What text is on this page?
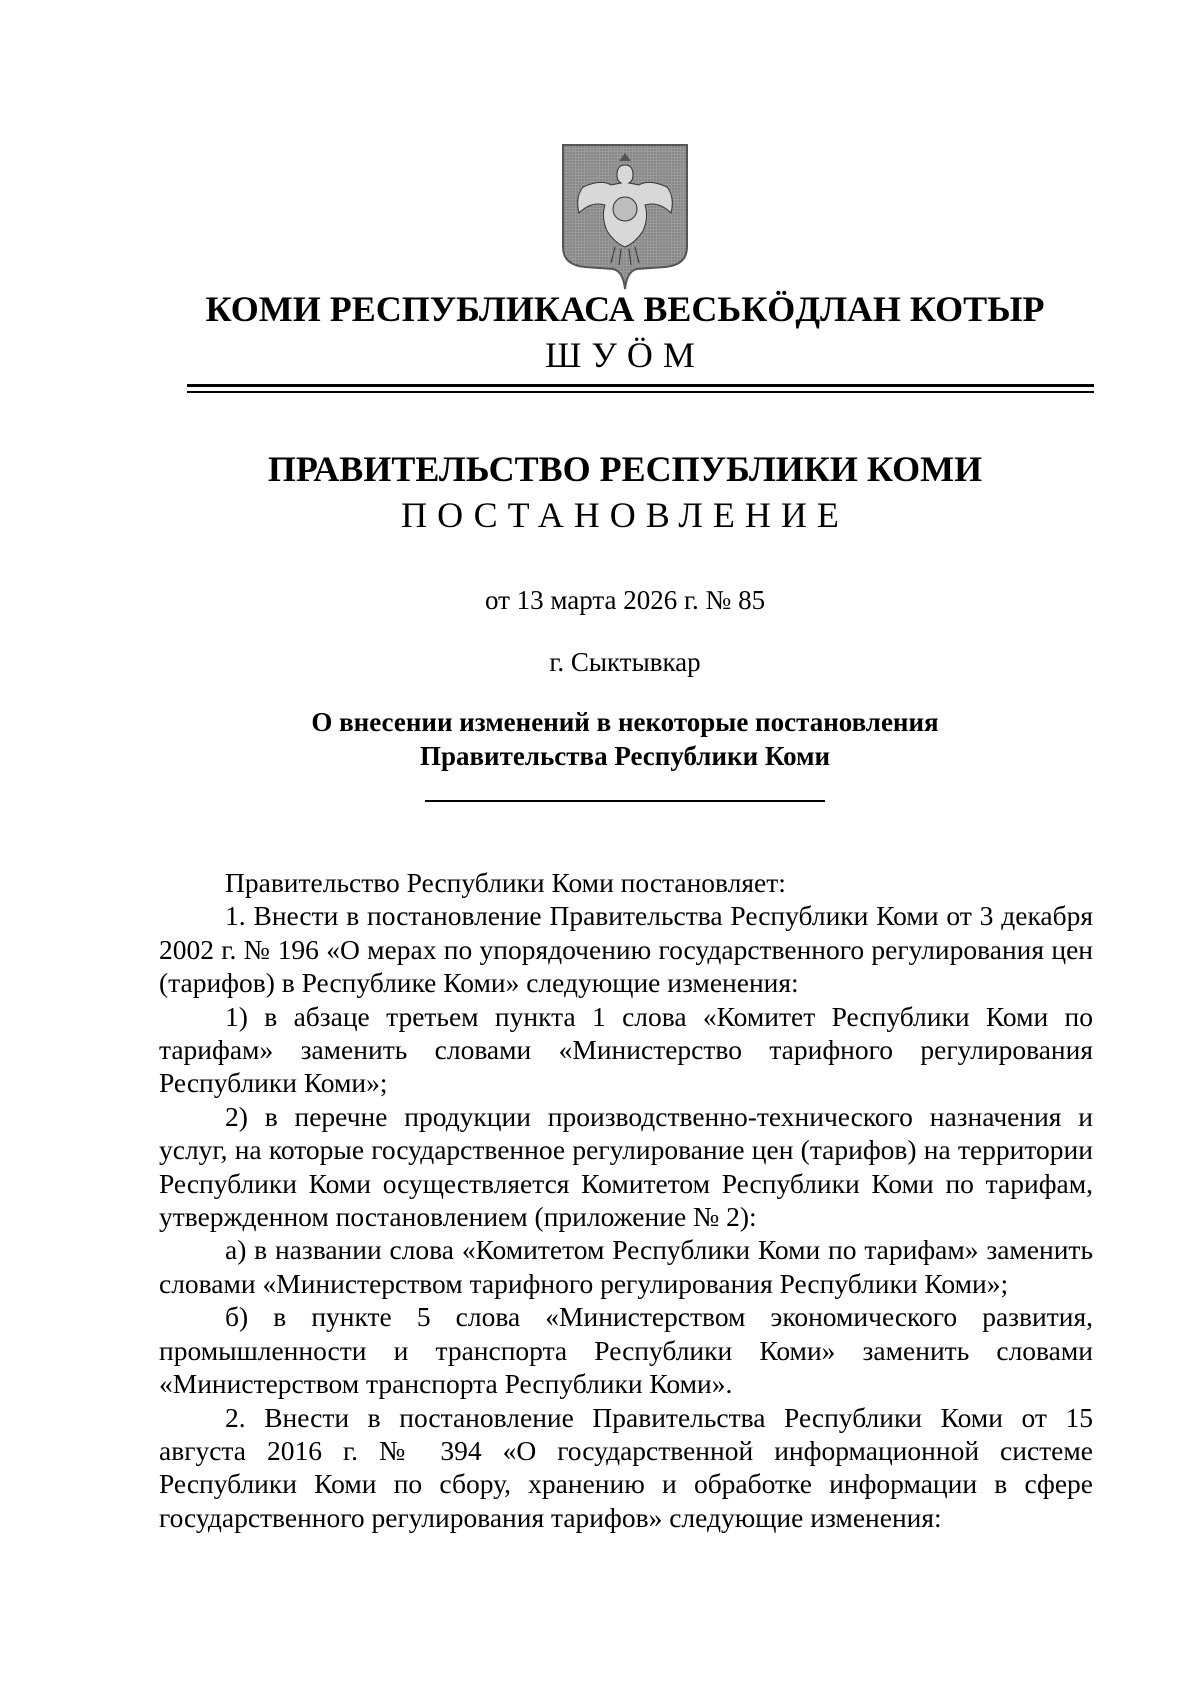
КОМИ РЕСПУБЛИКАСА ВЕСЬКӦДЛАН КОТЫР
ШУӦМ
ПРАВИТЕЛЬСТВО РЕСПУБЛИКИ КОМИ
ПОСТАНОВЛЕНИЕ
от 13 марта 2026 г. № 85
г. Сыктывкар
О внесении изменений в некоторые постановления
Правительства Республики Коми

Правительство Республики Коми постановляет:

1. Внести в постановление Правительства Республики Коми от 3 декабря 2002 г. № 196 «О мерах по упорядочению государственного регулирования цен (тарифов) в Республике Коми» следующие изменения:

1) в абзаце третьем пункта 1 слова «Комитет Республики Коми по тарифам» заменить словами «Министерство тарифного регулирования Республики Коми»;

2) в перечне продукции производственно-технического назначения и услуг, на которые государственное регулирование цен (тарифов) на территории Республики Коми осуществляется Комитетом Республики Коми по тарифам, утвержденном постановлением (приложение № 2):

а) в названии слова «Комитетом Республики Коми по тарифам» заменить словами «Министерством тарифного регулирования Республики Коми»;

б) в пункте 5 слова «Министерством экономического развития, промышленности и транспорта Республики Коми» заменить словами «Министерством транспорта Республики Коми».

2. Внести в постановление Правительства Республики Коми от 15 августа 2016 г. № 394 «О государственной информационной системе Республики Коми по сбору, хранению и обработке информации в сфере государственного регулирования тарифов» следующие изменения:
